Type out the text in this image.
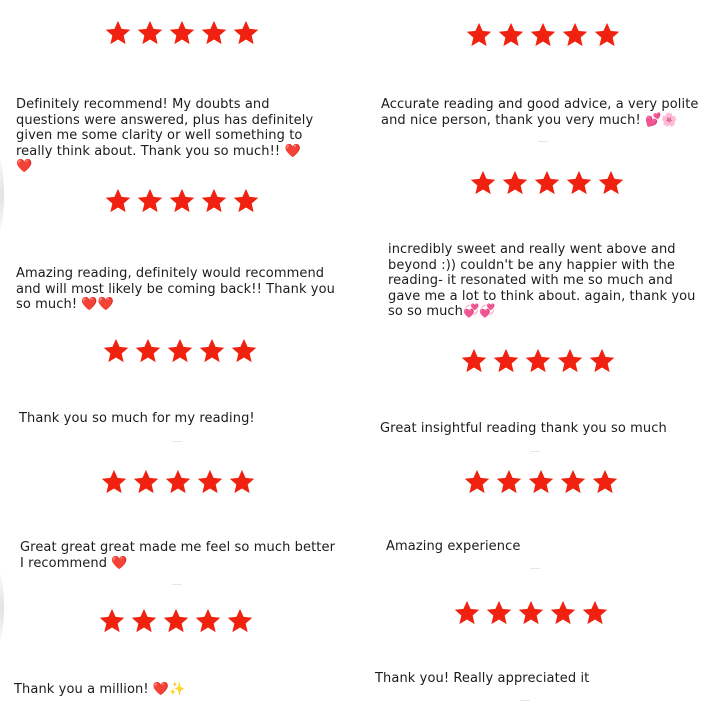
Definitely recommend! My doubts and questions were answered, plus has definitely given me some clarity or well something to really think about. Thank you so much!! ❤️❤️

Amazing reading, definitely would recommend and will most likely be coming back!! Thank you so much! ❤️❤️

Thank you so much for my reading!

Great great great made me feel so much better I recommend ❤️

Thank you a million! ❤️✨

Accurate reading and good advice, a very polite and nice person, thank you very much! 💕🌸

incredibly sweet and really went above and beyond :)) couldn't be any happier with the reading- it resonated with me so much and gave me a lot to think about. again, thank you so so much💞💞

Great insightful reading thank you so much

Amazing experience

Thank you! Really appreciated it
